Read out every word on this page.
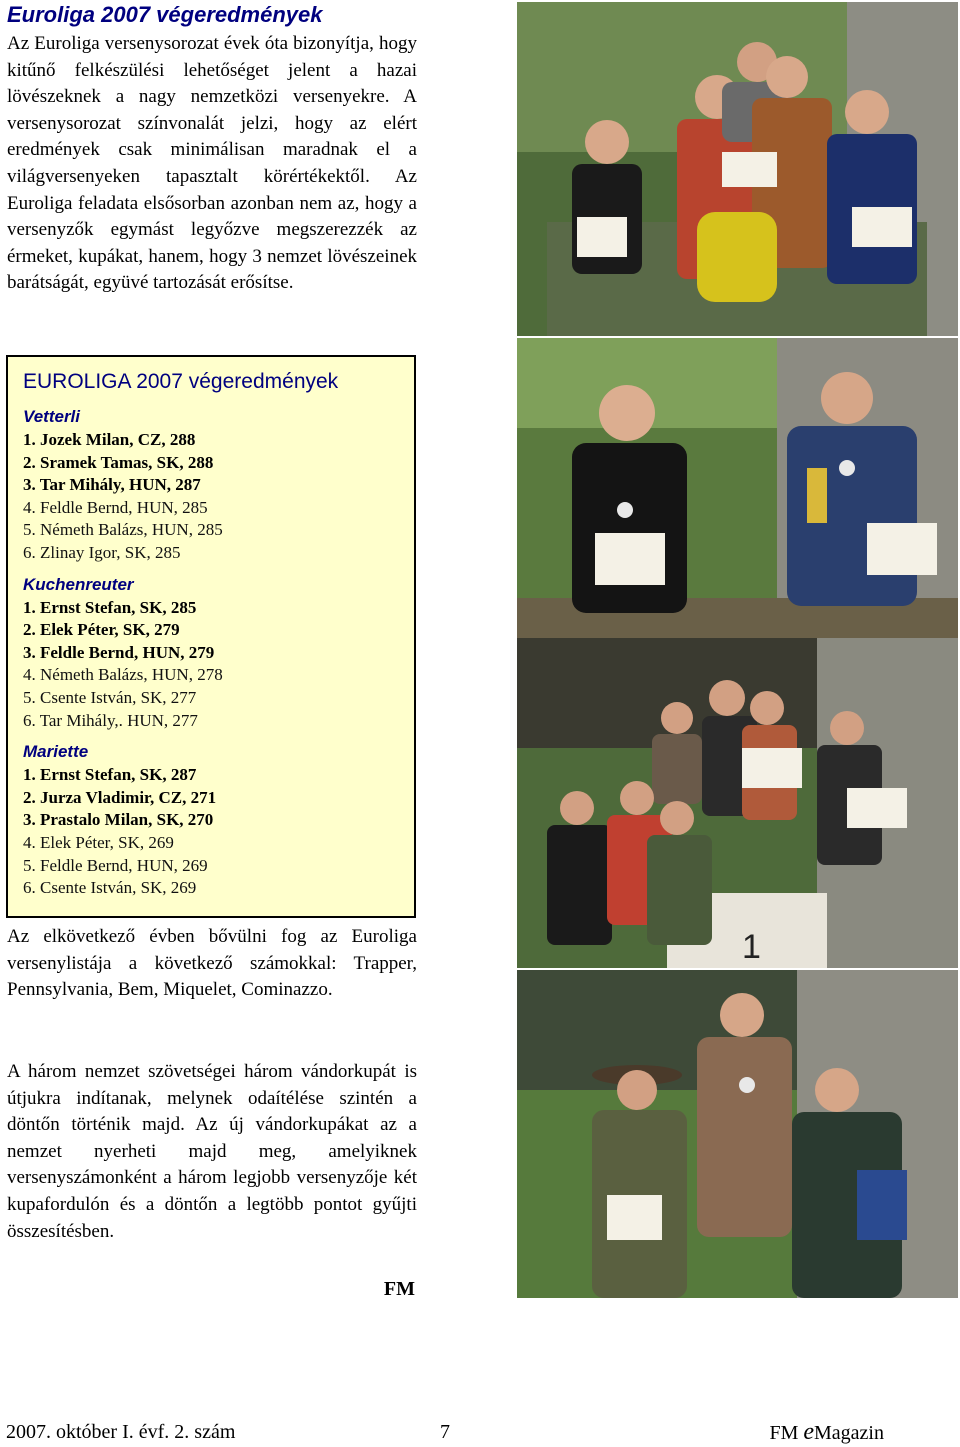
Euroliga 2007 végeredmények
Az Euroliga versenysorozat évek óta bizonyítja, hogy kitűnő felkészülési lehetőséget jelent a hazai lövészeknek a nagy nemzetközi versenyekre. A versenysorozat színvonalát jelzi, hogy az elért eredmények csak minimálisan maradnak el a világversenyeken tapasztalt körértékektől. Az Euroliga feladata elsősorban azonban nem az, hogy a versenyzők egymást legyőzve megszerezzék az érmeket, kupákat, hanem, hogy 3 nemzet lövészeinek barátságát, együvé tartozását erősítse.
EUROLIGA 2007 végeredmények
Vetterli
1. Jozek Milan, CZ, 288
2. Sramek Tamas, SK, 288
3. Tar Mihály, HUN, 287
4. Feldle Bernd, HUN, 285
5. Németh Balázs, HUN, 285
6. Zlinay Igor, SK, 285
Kuchenreuter
1. Ernst Stefan, SK, 285
2. Elek Péter, SK, 279
3. Feldle Bernd, HUN, 279
4. Németh Balázs, HUN, 278
5. Csente István, SK, 277
6. Tar Mihály,. HUN, 277
Mariette
1. Ernst Stefan, SK, 287
2. Jurza Vladimir, CZ, 271
3. Prastalo Milan, SK, 270
4. Elek Péter, SK, 269
5. Feldle Bernd, HUN, 269
6. Csente István, SK, 269
Az elkövetkező évben bővülni fog az Euroliga versenylistája a következő számokkal: Trapper, Pennsylvania, Bem, Miquelet, Cominazzo.
A három nemzet szövetségei három vándorkupát is útjukra indítanak, melynek odaítélése szintén a döntőn történik majd. Az új vándorkupákat az a nemzet nyerheti majd meg, amelyiknek versenyszámonként a három legjobb versenyzője két kupafordulón és a döntőn a legtöbb pontot gyűjti összesítésben.
FM
1
2007. október I. évf. 2. szám	7	FM eMagazin
